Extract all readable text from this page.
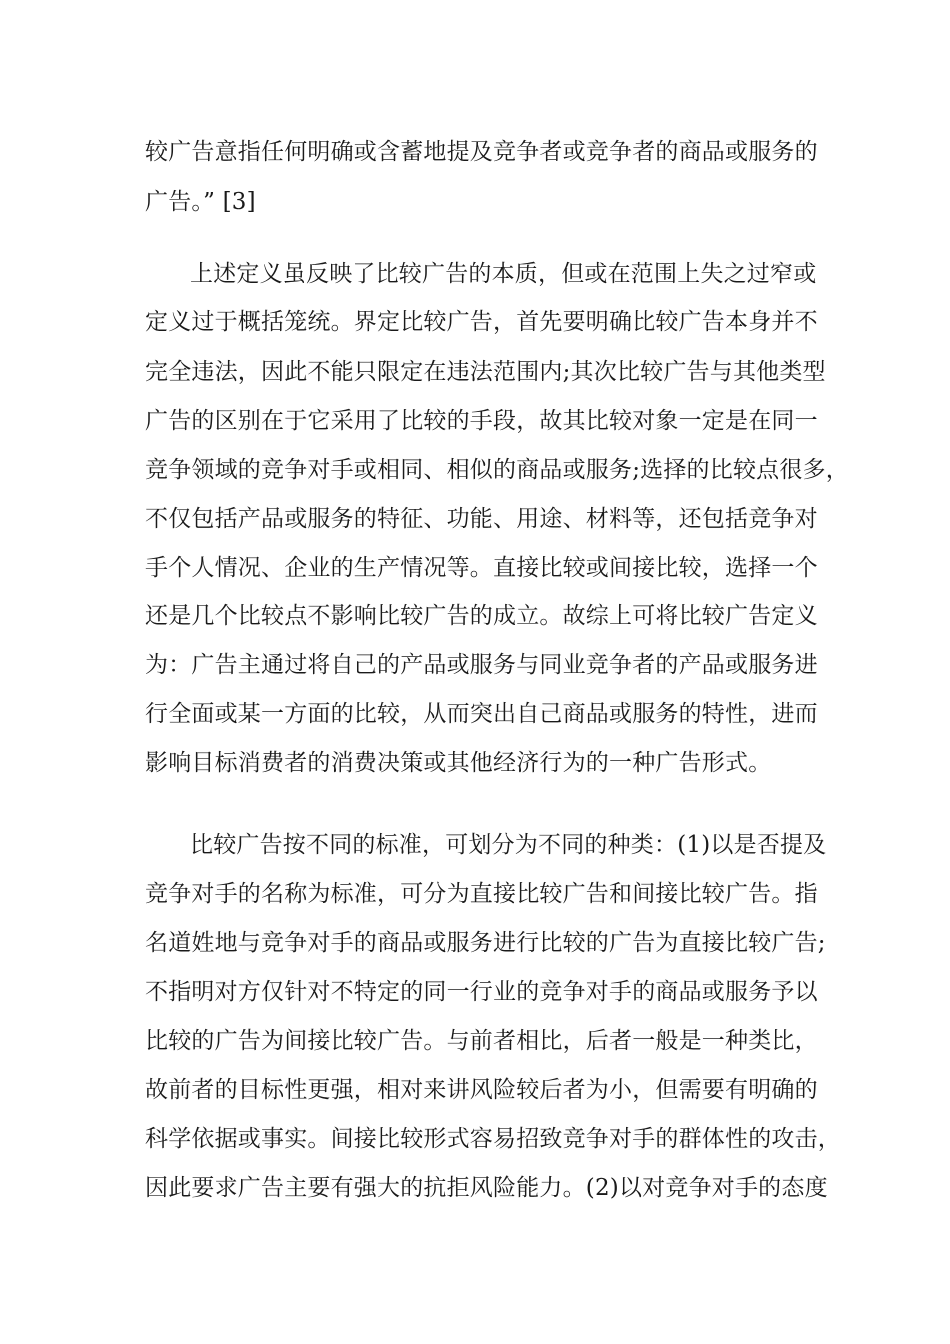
较广告意指任何明确或含蓄地提及竞争者或竞争者的商品或服务的
广告。” [3]
上述定义虽反映了比较广告的本质，但或在范围上失之过窄或
定义过于概括笼统。界定比较广告，首先要明确比较广告本身并不
完全违法，因此不能只限定在违法范围内;其次比较广告与其他类型
广告的区别在于它采用了比较的手段，故其比较对象一定是在同一
竞争领域的竞争对手或相同、相似的商品或服务;选择的比较点很多，
不仅包括产品或服务的特征、功能、用途、材料等，还包括竞争对
手个人情况、企业的生产情况等。直接比较或间接比较，选择一个
还是几个比较点不影响比较广告的成立。故综上可将比较广告定义
为：广告主通过将自己的产品或服务与同业竞争者的产品或服务进
行全面或某一方面的比较，从而突出自己商品或服务的特性，进而
影响目标消费者的消费决策或其他经济行为的一种广告形式。
比较广告按不同的标准，可划分为不同的种类：(1)以是否提及
竞争对手的名称为标准，可分为直接比较广告和间接比较广告。指
名道姓地与竞争对手的商品或服务进行比较的广告为直接比较广告;
不指明对方仅针对不特定的同一行业的竞争对手的商品或服务予以
比较的广告为间接比较广告。与前者相比，后者一般是一种类比，
故前者的目标性更强，相对来讲风险较后者为小，但需要有明确的
科学依据或事实。间接比较形式容易招致竞争对手的群体性的攻击，
因此要求广告主要有强大的抗拒风险能力。(2)以对竞争对手的态度
